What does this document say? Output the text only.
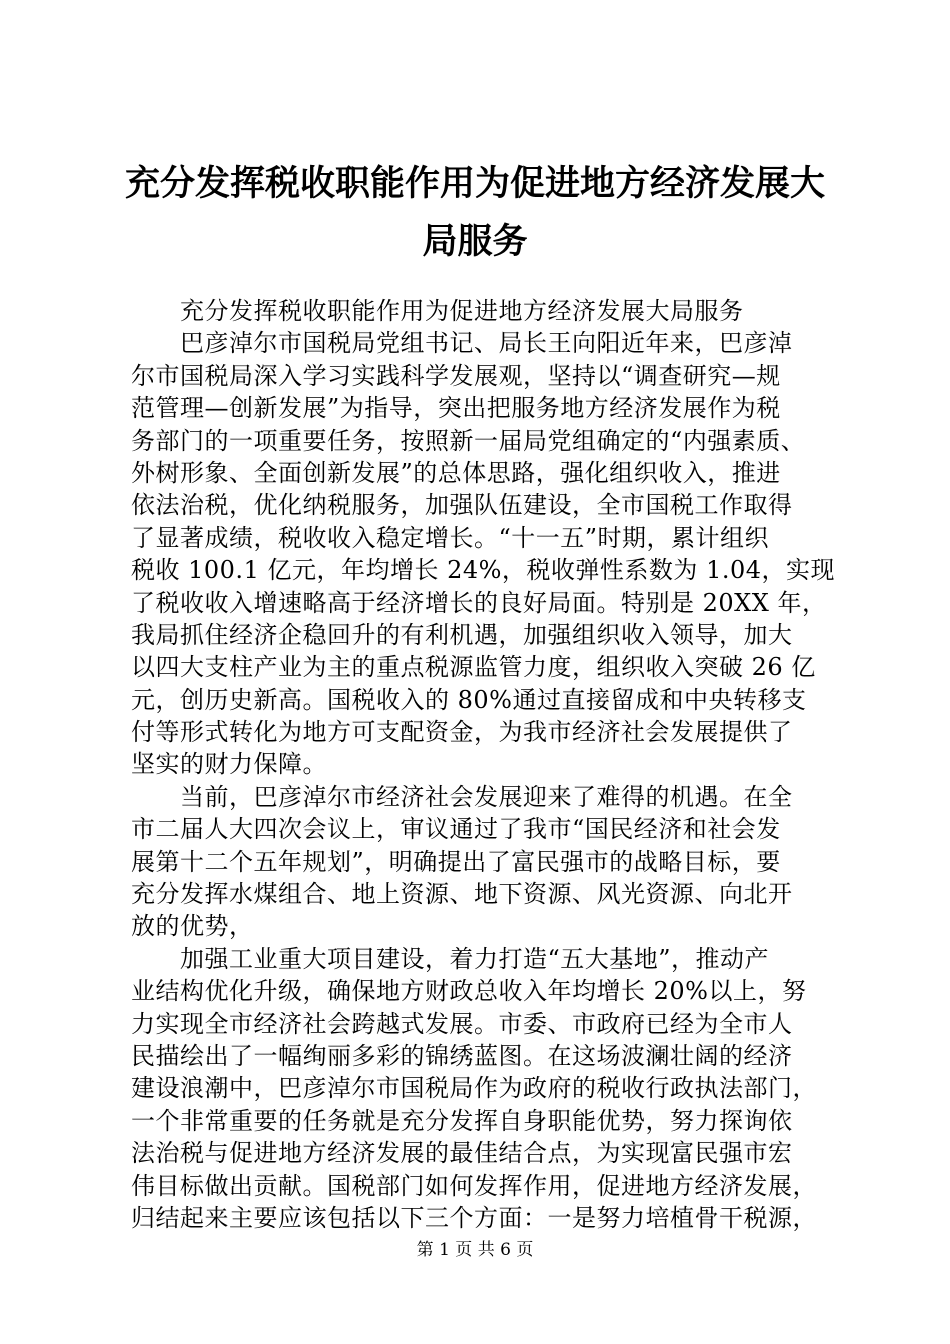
充分发挥税收职能作用为促进地方经济发展大
局服务
充分发挥税收职能作用为促进地方经济发展大局服务
巴彦淖尔市国税局党组书记、局长王向阳近年来，巴彦淖
尔市国税局深入学习实践科学发展观，坚持以“调查研究—规
范管理—创新发展”为指导，突出把服务地方经济发展作为税
务部门的一项重要任务，按照新一届局党组确定的“内强素质、
外树形象、全面创新发展”的总体思路，强化组织收入，推进
依法治税，优化纳税服务，加强队伍建设，全市国税工作取得
了显著成绩，税收收入稳定增长。“十一五”时期，累计组织
税收 100.1 亿元，年均增长 24%，税收弹性系数为 1.04，实现
了税收收入增速略高于经济增长的良好局面。特别是 20XX 年，
我局抓住经济企稳回升的有利机遇，加强组织收入领导，加大
以四大支柱产业为主的重点税源监管力度，组织收入突破 26 亿
元，创历史新高。国税收入的 80%通过直接留成和中央转移支
付等形式转化为地方可支配资金，为我市经济社会发展提供了
坚实的财力保障。
当前，巴彦淖尔市经济社会发展迎来了难得的机遇。在全
市二届人大四次会议上，审议通过了我市“国民经济和社会发
展第十二个五年规划”，明确提出了富民强市的战略目标，要
充分发挥水煤组合、地上资源、地下资源、风光资源、向北开
放的优势，
加强工业重大项目建设，着力打造“五大基地”，推动产
业结构优化升级，确保地方财政总收入年均增长 20%以上，努
力实现全市经济社会跨越式发展。市委、市政府已经为全市人
民描绘出了一幅绚丽多彩的锦绣蓝图。在这场波澜壮阔的经济
建设浪潮中，巴彦淖尔市国税局作为政府的税收行政执法部门，
一个非常重要的任务就是充分发挥自身职能优势，努力探询依
法治税与促进地方经济发展的最佳结合点，为实现富民强市宏
伟目标做出贡献。国税部门如何发挥作用，促进地方经济发展，
归结起来主要应该包括以下三个方面：一是努力培植骨干税源，
第 1 页 共 6 页
